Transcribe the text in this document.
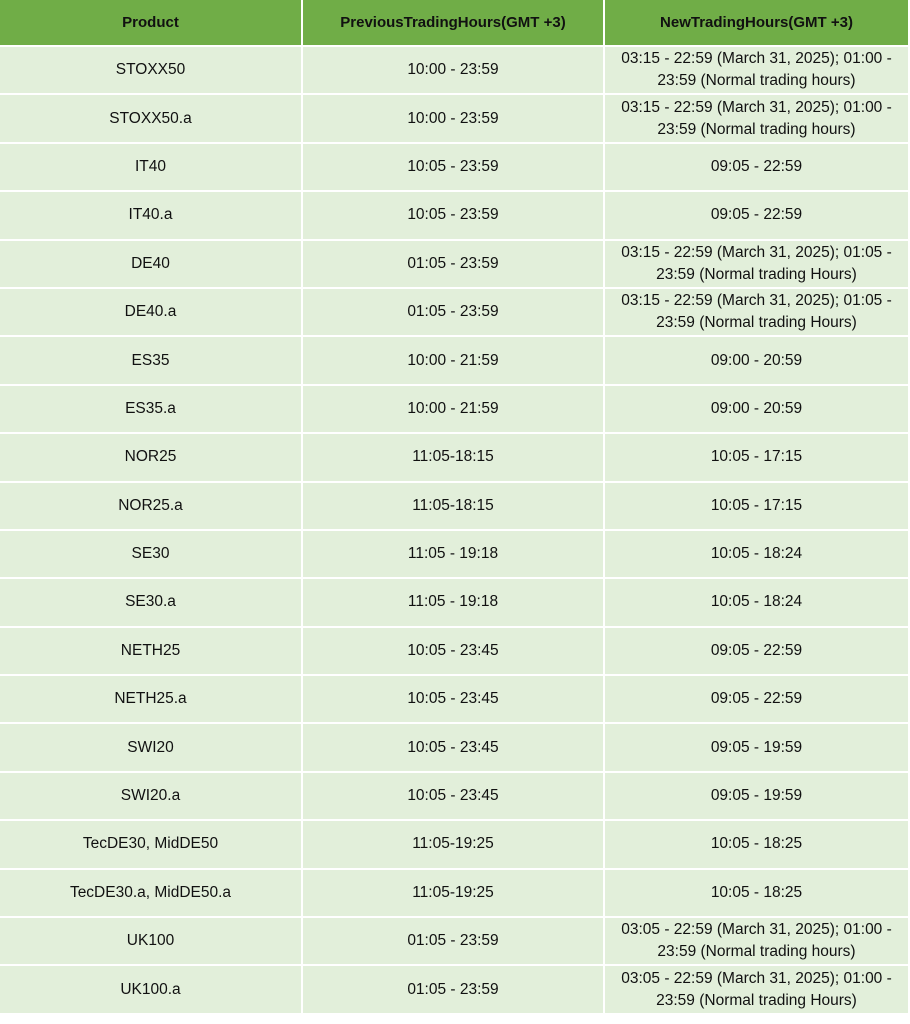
Product	PreviousTradingHours(GMT +3)	NewTradingHours(GMT +3)
STOXX50	10:00 - 23:59	03:15 - 22:59 (March 31, 2025); 01:00 - 23:59 (Normal trading hours)
STOXX50.a	10:00 - 23:59	03:15 - 22:59 (March 31, 2025); 01:00 - 23:59 (Normal trading hours)
IT40	10:05 - 23:59	09:05 - 22:59
IT40.a	10:05 - 23:59	09:05 - 22:59
DE40	01:05 - 23:59	03:15 - 22:59 (March 31, 2025); 01:05 - 23:59 (Normal trading Hours)
DE40.a	01:05 - 23:59	03:15 - 22:59 (March 31, 2025); 01:05 - 23:59 (Normal trading Hours)
ES35	10:00 - 21:59	09:00 - 20:59
ES35.a	10:00 - 21:59	09:00 - 20:59
NOR25	11:05-18:15	10:05 - 17:15
NOR25.a	11:05-18:15	10:05 - 17:15
SE30	11:05 - 19:18	10:05 - 18:24
SE30.a	11:05 - 19:18	10:05 - 18:24
NETH25	10:05 - 23:45	09:05 - 22:59
NETH25.a	10:05 - 23:45	09:05 - 22:59
SWI20	10:05 - 23:45	09:05 - 19:59
SWI20.a	10:05 - 23:45	09:05 - 19:59
TecDE30, MidDE50	11:05-19:25	10:05 - 18:25
TecDE30.a, MidDE50.a	11:05-19:25	10:05 - 18:25
UK100	01:05 - 23:59	03:05 - 22:59 (March 31, 2025); 01:00 - 23:59 (Normal trading hours)
UK100.a	01:05 - 23:59	03:05 - 22:59 (March 31, 2025); 01:00 - 23:59 (Normal trading Hours)
